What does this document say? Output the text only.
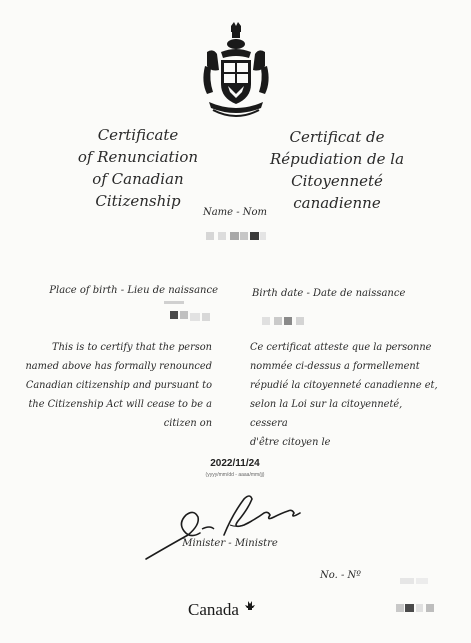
Certificate
of Renunciation
of Canadian Citizenship
Certificat de
Répudiation de la
Citoyenneté canadienne
Name - Nom
Place of birth - Lieu de naissance	Birth date - Date de naissance
This is to certify that the person
named above has formally renounced
Canadian citizenship and pursuant to
the Citizenship Act will cease to be a
citizen on
Ce certificat atteste que la personne
nommée ci-dessus a formellement
répudié la citoyenneté canadienne et,
selon la Loi sur la citoyenneté, cessera
d'être citoyen le
2022/11/24
(yyyy/mm/dd - aaaa/mm/jj)
Minister - Ministre
No. - Nº
Canada
